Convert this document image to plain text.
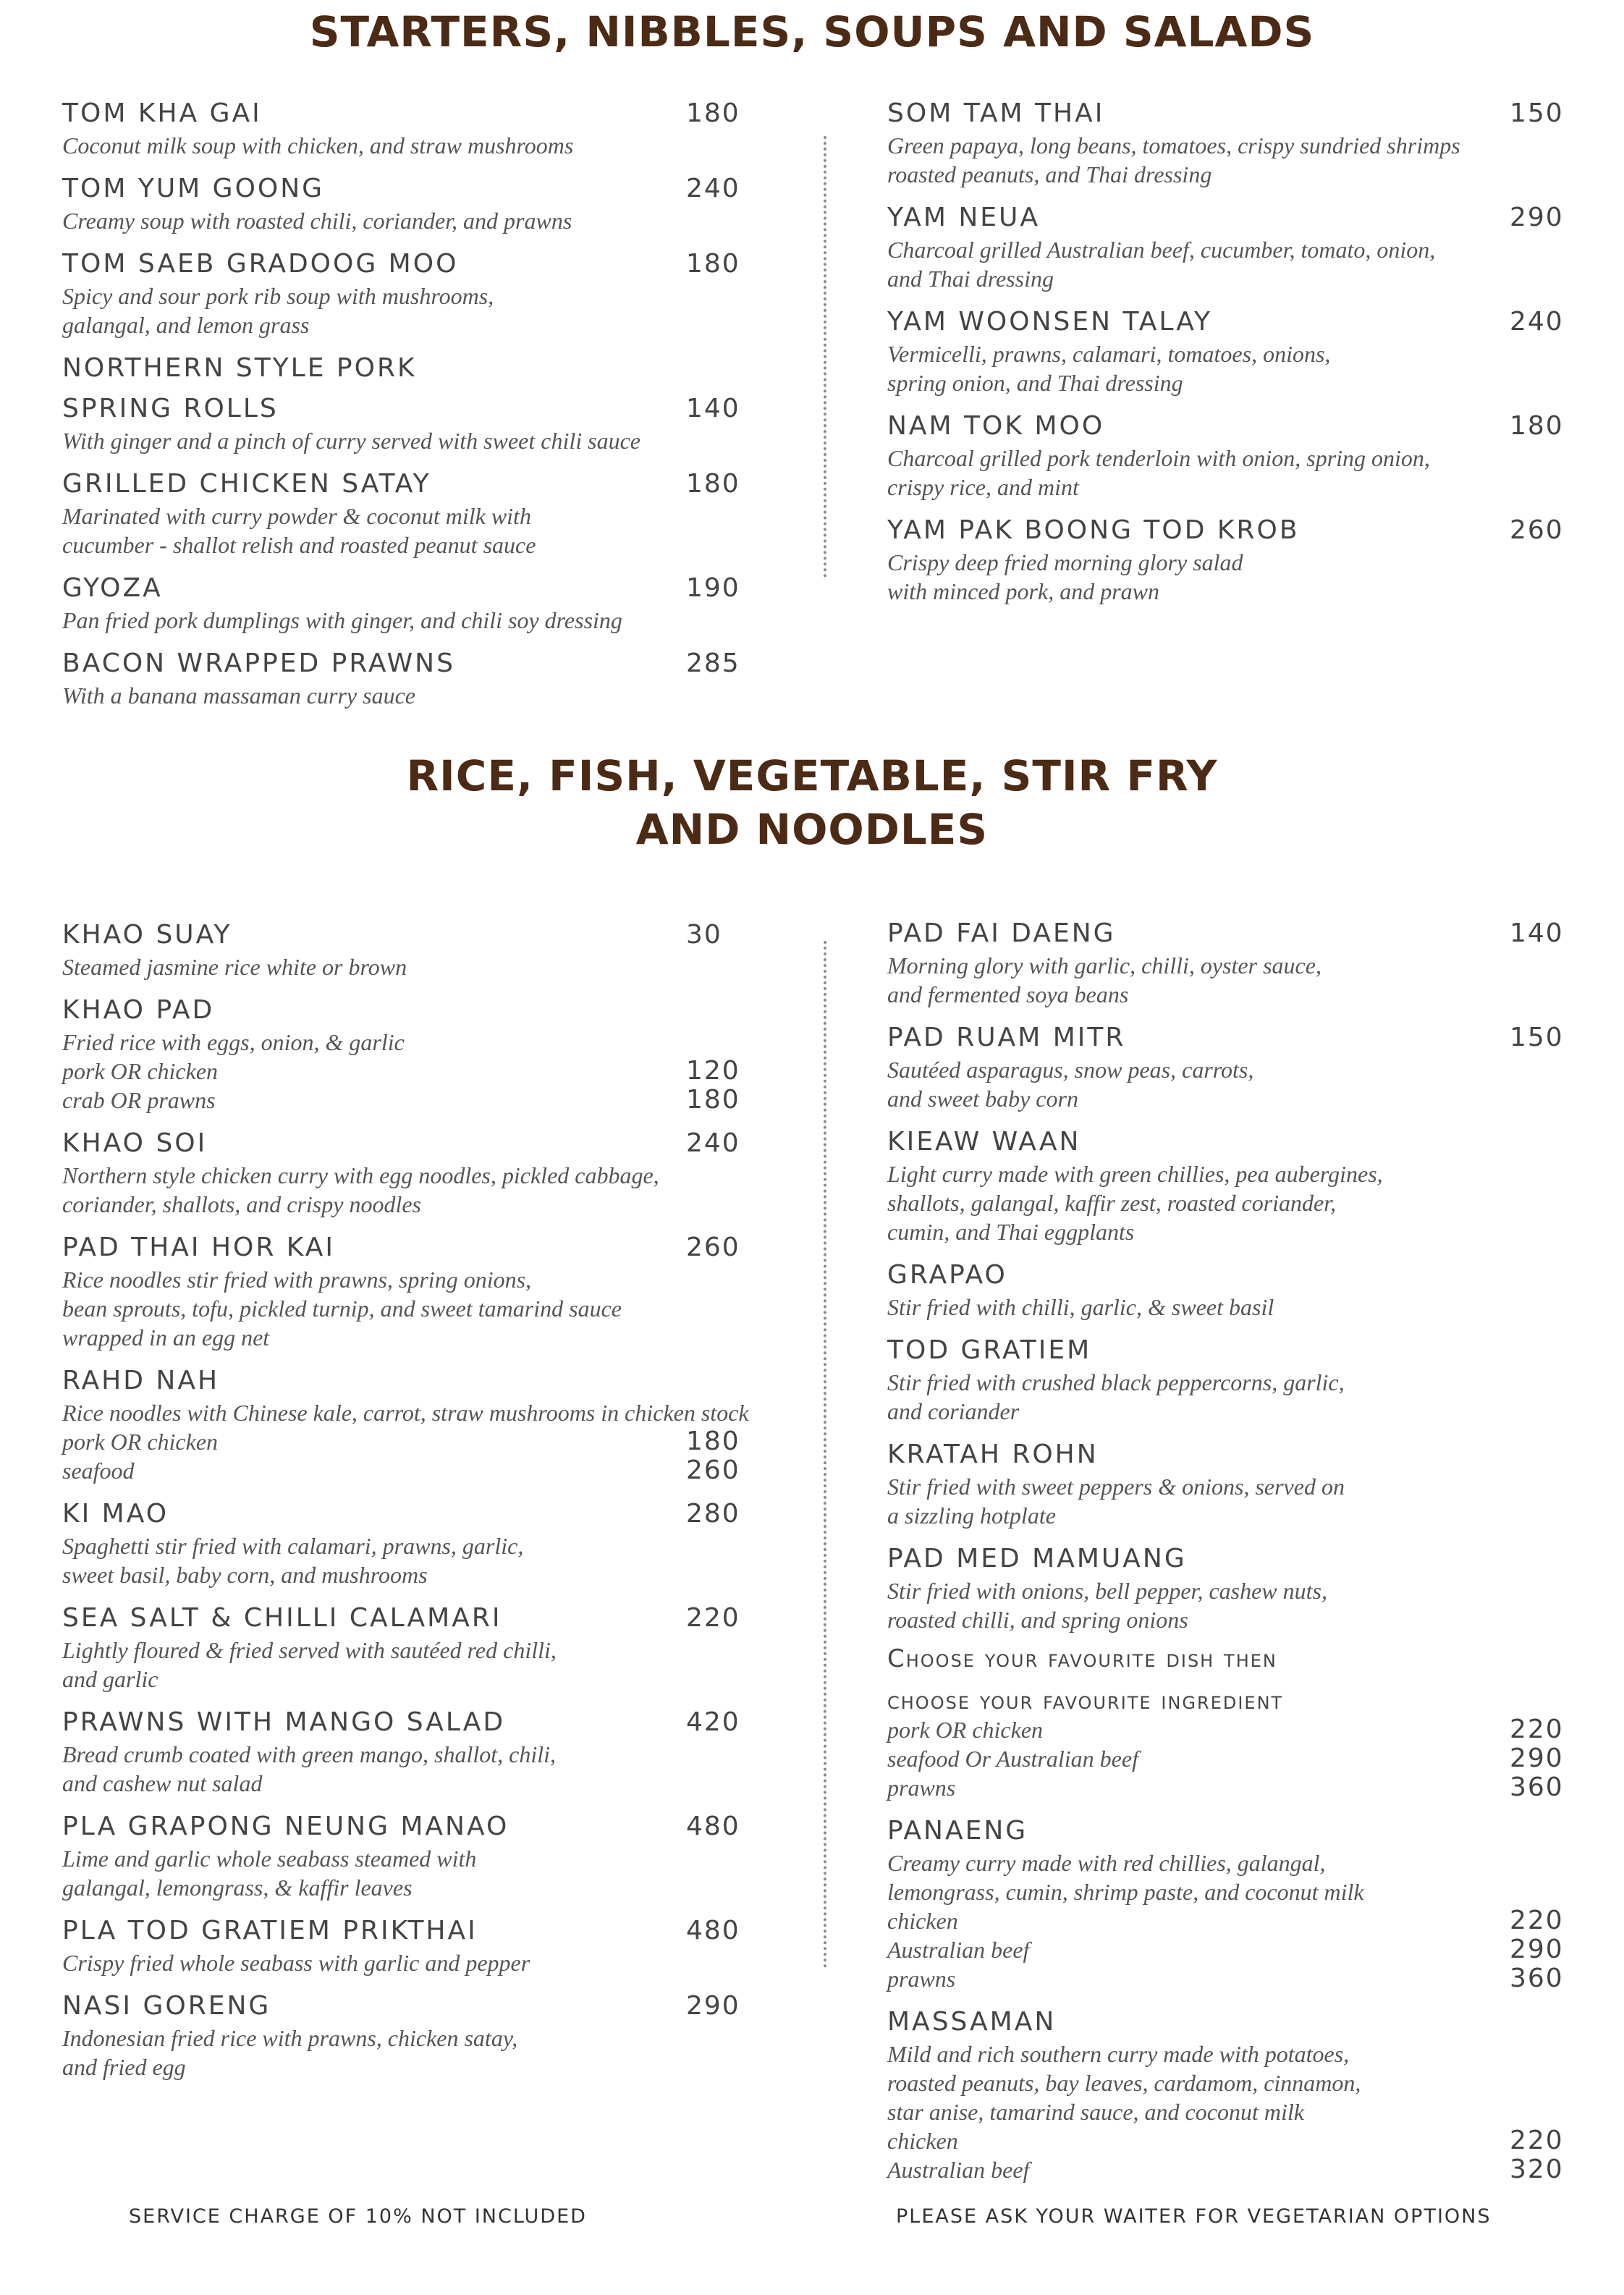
STARTERS, NIBBLES, SOUPS AND SALADS
RICE, FISH, VEGETABLE, STIR FRY
AND NOODLES
TOM KHA GAI	180
Coconut milk soup with chicken, and straw mushrooms
TOM YUM GOONG	240
Creamy soup with roasted chili, coriander, and prawns
TOM SAEB GRADOOG MOO	180
Spicy and sour pork rib soup with mushrooms,
galangal, and lemon grass
NORTHERN STYLE PORK
SPRING ROLLS	140
With ginger and a pinch of curry served with sweet chili sauce
GRILLED CHICKEN SATAY	180
Marinated with curry powder & coconut milk with
cucumber - shallot relish and roasted peanut sauce
GYOZA	190
Pan fried pork dumplings with ginger, and chili soy dressing
BACON WRAPPED PRAWNS	285
With a banana massaman curry sauce
SOM TAM THAI	150
Green papaya, long beans, tomatoes, crispy sundried shrimps
roasted peanuts, and Thai dressing
YAM NEUA	290
Charcoal grilled Australian beef, cucumber, tomato, onion,
and Thai dressing
YAM WOONSEN TALAY	240
Vermicelli, prawns, calamari, tomatoes, onions,
spring onion, and Thai dressing
NAM TOK MOO	180
Charcoal grilled pork tenderloin with onion, spring onion,
crispy rice, and mint
YAM PAK BOONG TOD KROB	260
Crispy deep fried morning glory salad
with minced pork, and prawn
KHAO SUAY	30
Steamed jasmine rice white or brown
KHAO PAD
Fried rice with eggs, onion, & garlic
pork OR chicken	120
crab OR prawns	180
KHAO SOI	240
Northern style chicken curry with egg noodles, pickled cabbage,
coriander, shallots, and crispy noodles
PAD THAI HOR KAI	260
Rice noodles stir fried with prawns, spring onions,
bean sprouts, tofu, pickled turnip, and sweet tamarind sauce
wrapped in an egg net
RAHD NAH
Rice noodles with Chinese kale, carrot, straw mushrooms in chicken stock
pork OR chicken	180
seafood	260
KI MAO	280
Spaghetti stir fried with calamari, prawns, garlic,
sweet basil, baby corn, and mushrooms
SEA SALT & CHILLI CALAMARI	220
Lightly floured & fried served with sautéed red chilli,
and garlic
PRAWNS WITH MANGO SALAD	420
Bread crumb coated with green mango, shallot, chili,
and cashew nut salad
PLA GRAPONG NEUNG MANAO	480
Lime and garlic whole seabass steamed with
galangal, lemongrass, & kaffir leaves
PLA TOD GRATIEM PRIKTHAI	480
Crispy fried whole seabass with garlic and pepper
NASI GORENG	290
Indonesian fried rice with prawns, chicken satay,
and fried egg
PAD FAI DAENG	140
Morning glory with garlic, chilli, oyster sauce,
and fermented soya beans
PAD RUAM MITR	150
Sautéed asparagus, snow peas, carrots,
and sweet baby corn
KIEAW WAAN
Light curry made with green chillies, pea aubergines,
shallots, galangal, kaffir zest, roasted coriander,
cumin, and Thai eggplants
GRAPAO
Stir fried with chilli, garlic, & sweet basil
TOD GRATIEM
Stir fried with crushed black peppercorns, garlic,
and coriander
KRATAH ROHN
Stir fried with sweet peppers & onions, served on
a sizzling hotplate
PAD MED MAMUANG
Stir fried with onions, bell pepper, cashew nuts,
roasted chilli, and spring onions
Choose your favourite dish then
choose your favourite ingredient
pork OR chicken	220
seafood Or Australian beef	290
prawns	360
PANAENG
Creamy curry made with red chillies, galangal,
lemongrass, cumin, shrimp paste, and coconut milk
chicken	220
Australian beef	290
prawns	360
MASSAMAN
Mild and rich southern curry made with potatoes,
roasted peanuts, bay leaves, cardamom, cinnamon,
star anise, tamarind sauce, and coconut milk
chicken	220
Australian beef	320
SERVICE CHARGE OF 10% NOT INCLUDED	PLEASE ASK YOUR WAITER FOR VEGETARIAN OPTIONS
